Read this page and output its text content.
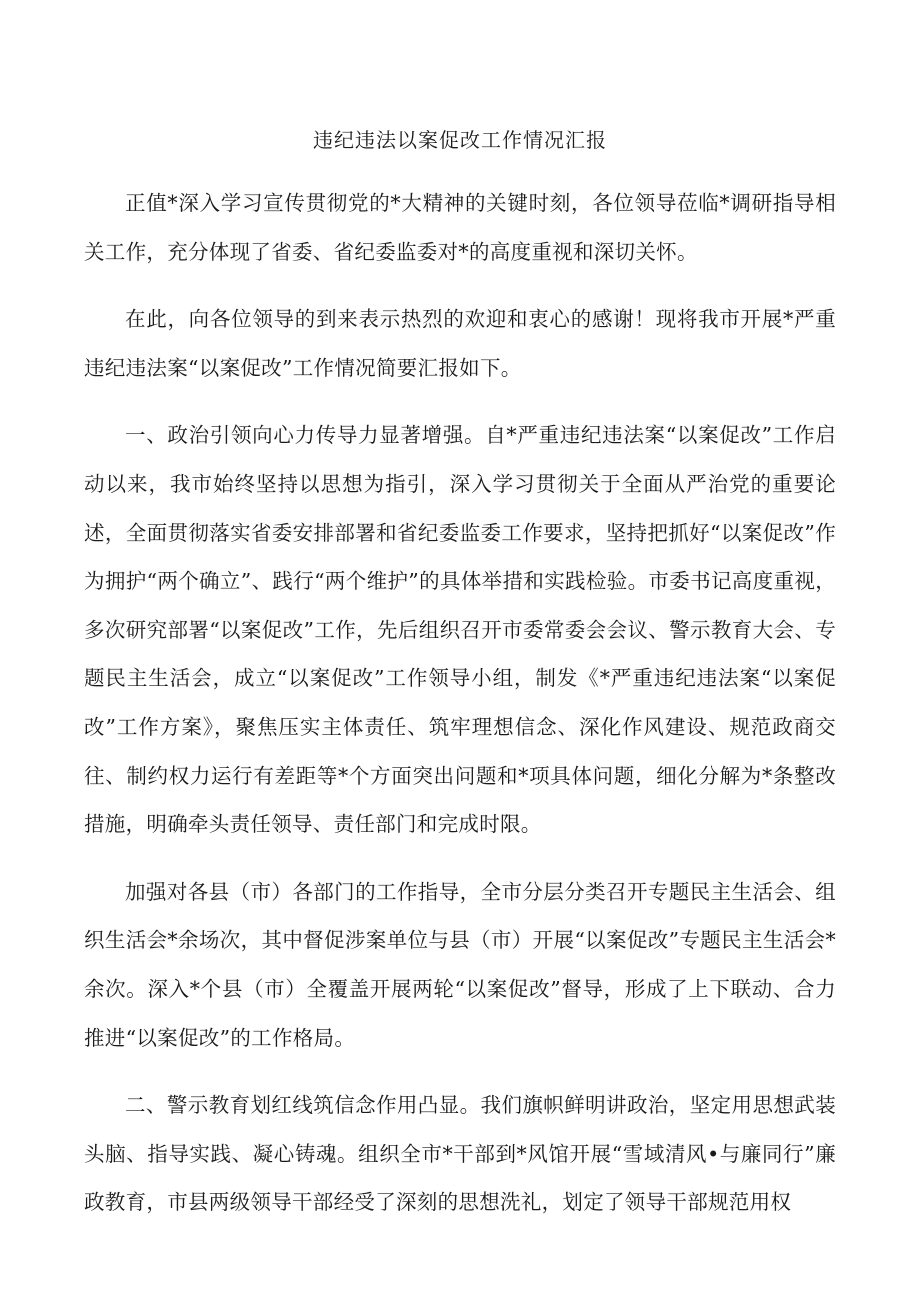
违纪违法以案促改工作情况汇报

正值*深入学习宣传贯彻党的*大精神的关键时刻，各位领导莅临*调研指导相关工作，充分体现了省委、省纪委监委对*的高度重视和深切关怀。

在此，向各位领导的到来表示热烈的欢迎和衷心的感谢！现将我市开展*严重违纪违法案“以案促改”工作情况简要汇报如下。

一、政治引领向心力传导力显著增强。自*严重违纪违法案“以案促改”工作启动以来，我市始终坚持以思想为指引，深入学习贯彻关于全面从严治党的重要论述，全面贯彻落实省委安排部署和省纪委监委工作要求，坚持把抓好“以案促改”作为拥护“两个确立”、践行“两个维护”的具体举措和实践检验。市委书记高度重视，多次研究部署“以案促改”工作，先后组织召开市委常委会会议、警示教育大会、专题民主生活会，成立“以案促改”工作领导小组，制发《*严重违纪违法案“以案促改”工作方案》，聚焦压实主体责任、筑牢理想信念、深化作风建设、规范政商交往、制约权力运行有差距等*个方面突出问题和*项具体问题，细化分解为*条整改措施，明确牵头责任领导、责任部门和完成时限。

加强对各县（市）各部门的工作指导，全市分层分类召开专题民主生活会、组织生活会*余场次，其中督促涉案单位与县（市）开展“以案促改”专题民主生活会*余次。深入*个县（市）全覆盖开展两轮“以案促改”督导，形成了上下联动、合力推进“以案促改”的工作格局。

二、警示教育划红线筑信念作用凸显。我们旗帜鲜明讲政治，坚定用思想武装头脑、指导实践、凝心铸魂。组织全市*干部到*风馆开展“雪域清风•与廉同行”廉政教育，市县两级领导干部经受了深刻的思想洗礼，划定了领导干部规范用权
